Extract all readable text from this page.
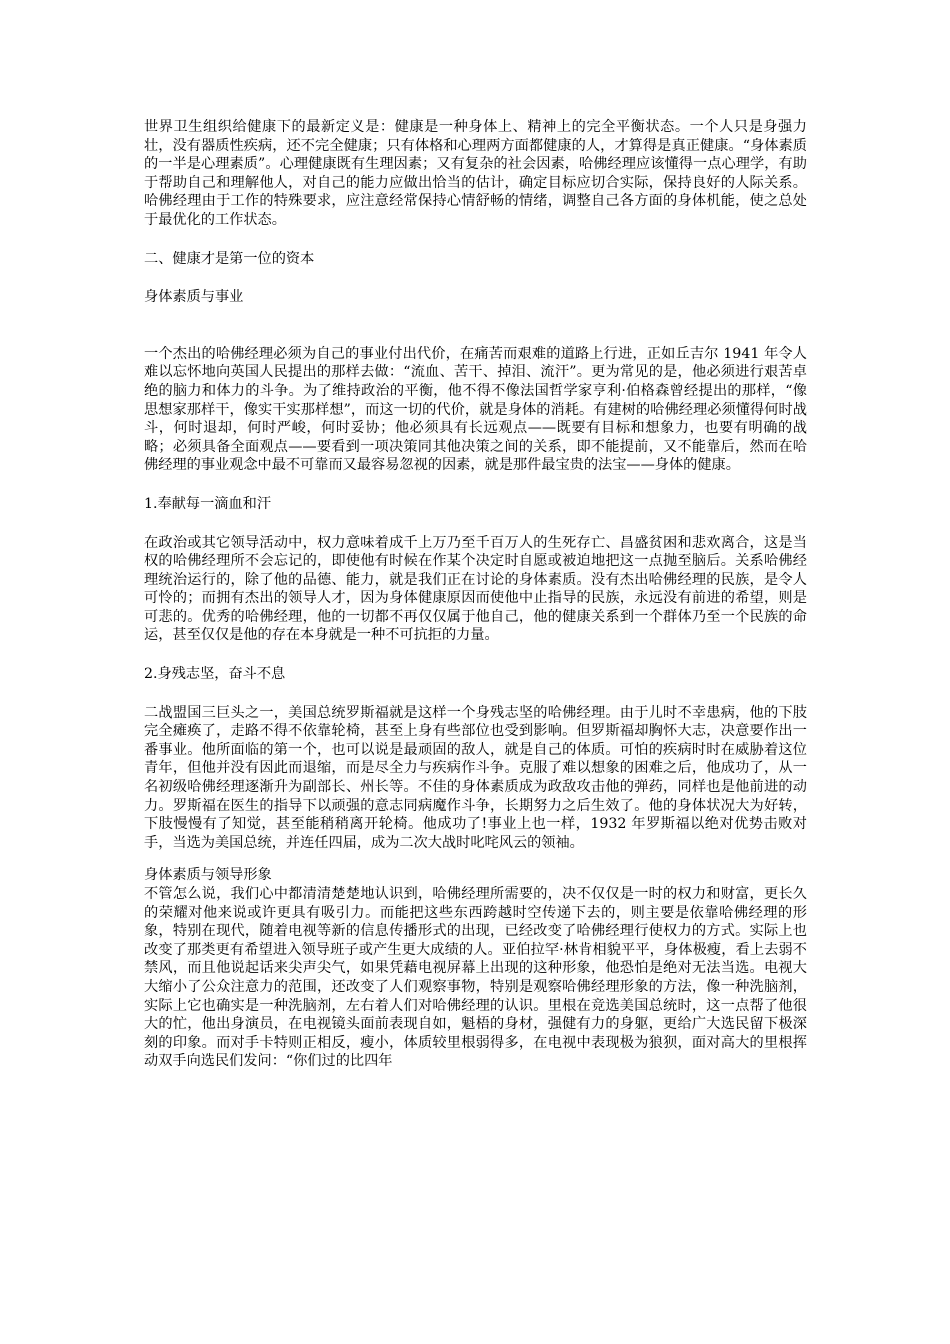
世界卫生组织给健康下的最新定义是：健康是一种身体上、精神上的完全平衡状态。一个人只是身强力壮，没有器质性疾病，还不完全健康；只有体格和心理两方面都健康的人，才算得是真正健康。“身体素质的一半是心理素质”。心理健康既有生理因素；又有复杂的社会因素，哈佛经理应该懂得一点心理学，有助于帮助自己和理解他人，对自己的能力应做出恰当的估计，确定目标应切合实际，保持良好的人际关系。哈佛经理由于工作的特殊要求，应注意经常保持心情舒畅的情绪，调整自己各方面的身体机能，使之总处于最优化的工作状态。

二、健康才是第一位的资本

身体素质与事业

一个杰出的哈佛经理必须为自己的事业付出代价，在痛苦而艰难的道路上行进，正如丘吉尔 1941 年令人难以忘怀地向英国人民提出的那样去做：“流血、苦干、掉泪、流汗”。更为常见的是，他必须进行艰苦卓绝的脑力和体力的斗争。为了维持政治的平衡，他不得不像法国哲学家亨利·伯格森曾经提出的那样，“像思想家那样干，像实干实那样想”，而这一切的代价，就是身体的消耗。有建树的哈佛经理必须懂得何时战斗，何时退却，何时严峻，何时妥协；他必须具有长远观点——既要有目标和想象力，也要有明确的战略；必须具备全面观点——要看到一项决策同其他决策之间的关系，即不能提前，又不能靠后，然而在哈佛经理的事业观念中最不可靠而又最容易忽视的因素，就是那件最宝贵的法宝——身体的健康。

1.奉献每一滴血和汗

在政治或其它领导活动中，权力意味着成千上万乃至千百万人的生死存亡、昌盛贫困和悲欢离合，这是当权的哈佛经理所不会忘记的，即使他有时候在作某个决定时自愿或被迫地把这一点抛至脑后。关系哈佛经理统治运行的，除了他的品德、能力，就是我们正在讨论的身体素质。没有杰出哈佛经理的民族，是令人可怜的；而拥有杰出的领导人才，因为身体健康原因而使他中止指导的民族，永远没有前进的希望，则是可悲的。优秀的哈佛经理，他的一切都不再仅仅属于他自己，他的健康关系到一个群体乃至一个民族的命运，甚至仅仅是他的存在本身就是一种不可抗拒的力量。

2.身残志坚，奋斗不息

二战盟国三巨头之一，美国总统罗斯福就是这样一个身残志坚的哈佛经理。由于儿时不幸患病，他的下肢完全瘫痪了，走路不得不依靠轮椅，甚至上身有些部位也受到影响。但罗斯福却胸怀大志，决意要作出一番事业。他所面临的第一个，也可以说是最顽固的敌人，就是自己的体质。可怕的疾病时时在威胁着这位青年，但他并没有因此而退缩，而是尽全力与疾病作斗争。克服了难以想象的困难之后，他成功了，从一名初级哈佛经理逐渐升为副部长、州长等。不佳的身体素质成为政敌攻击他的弹药，同样也是他前进的动力。罗斯福在医生的指导下以顽强的意志同病魔作斗争，长期努力之后生效了。他的身体状况大为好转，下肢慢慢有了知觉，甚至能稍稍离开轮椅。他成功了!事业上也一样，1932 年罗斯福以绝对优势击败对手，当选为美国总统，并连任四届，成为二次大战时叱咤风云的领袖。

身体素质与领导形象

不管怎么说，我们心中都清清楚楚地认识到，哈佛经理所需要的，决不仅仅是一时的权力和财富，更长久的荣耀对他来说或许更具有吸引力。而能把这些东西跨越时空传递下去的，则主要是依靠哈佛经理的形象，特别在现代，随着电视等新的信息传播形式的出现，已经改变了哈佛经理行使权力的方式。实际上也改变了那类更有希望进入领导班子或产生更大成绩的人。亚伯拉罕·林肯相貌平平，身体极瘦，看上去弱不禁风，而且他说起话来尖声尖气，如果凭藉电视屏幕上出现的这种形象，他恐怕是绝对无法当选。电视大大缩小了公众注意力的范围，还改变了人们观察事物，特别是观察哈佛经理形象的方法，像一种洗脑剂，实际上它也确实是一种洗脑剂，左右着人们对哈佛经理的认识。里根在竞选美国总统时，这一点帮了他很大的忙，他出身演员，在电视镜头面前表现自如，魁梧的身材，强健有力的身躯，更给广大选民留下极深刻的印象。而对手卡特则正相反，瘦小，体质较里根弱得多，在电视中表现极为狼狈，面对高大的里根挥动双手向选民们发问：“你们过的比四年
